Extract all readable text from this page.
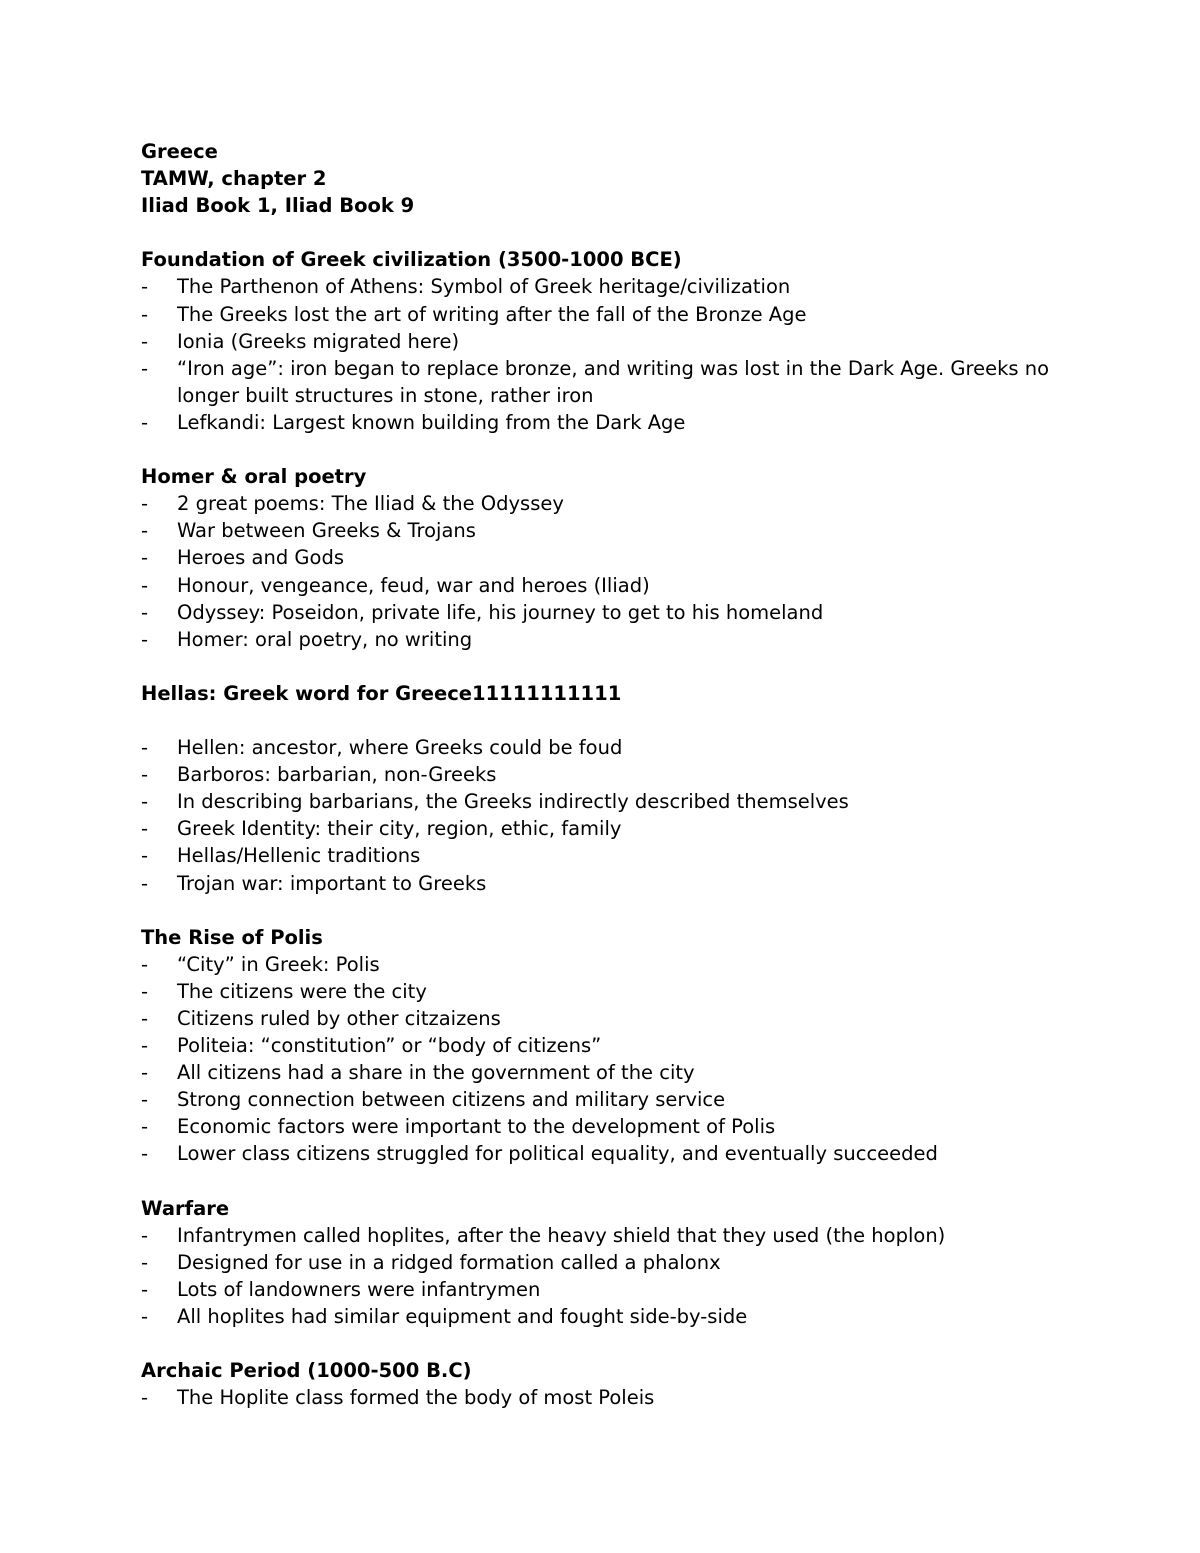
Greece
TAMW, chapter 2
Iliad Book 1, Iliad Book 9
Foundation of Greek civilization (3500-1000 BCE)
-	The Parthenon of Athens: Symbol of Greek heritage/civilization
-	The Greeks lost the art of writing after the fall of the Bronze Age
-	Ionia (Greeks migrated here)
-	“Iron age”: iron began to replace bronze, and writing was lost in the Dark Age. Greeks no longer built structures in stone, rather iron
-	Lefkandi: Largest known building from the Dark Age
Homer & oral poetry
-	2 great poems: The Iliad & the Odyssey
-	War between Greeks & Trojans
-	Heroes and Gods
-	Honour, vengeance, feud, war and heroes (Iliad)
-	Odyssey: Poseidon, private life, his journey to get to his homeland
-	Homer: oral poetry, no writing
Hellas: Greek word for Greece11111111111
-	Hellen: ancestor, where Greeks could be foud
-	Barboros: barbarian, non-Greeks
-	In describing barbarians, the Greeks indirectly described themselves
-	Greek Identity: their city, region, ethic, family
-	Hellas/Hellenic traditions
-	Trojan war: important to Greeks
The Rise of Polis
-	“City” in Greek: Polis
-	The citizens were the city
-	Citizens ruled by other citzaizens
-	Politeia: “constitution” or “body of citizens”
-	All citizens had a share in the government of the city
-	Strong connection between citizens and military service
-	Economic factors were important to the development of Polis
-	Lower class citizens struggled for political equality, and eventually succeeded
Warfare
-	Infantrymen called hoplites, after the heavy shield that they used (the hoplon)
-	Designed for use in a ridged formation called a phalonx
-	Lots of landowners were infantrymen
-	All hoplites had similar equipment and fought side-by-side
Archaic Period (1000-500 B.C)
-	The Hoplite class formed the body of most Poleis
